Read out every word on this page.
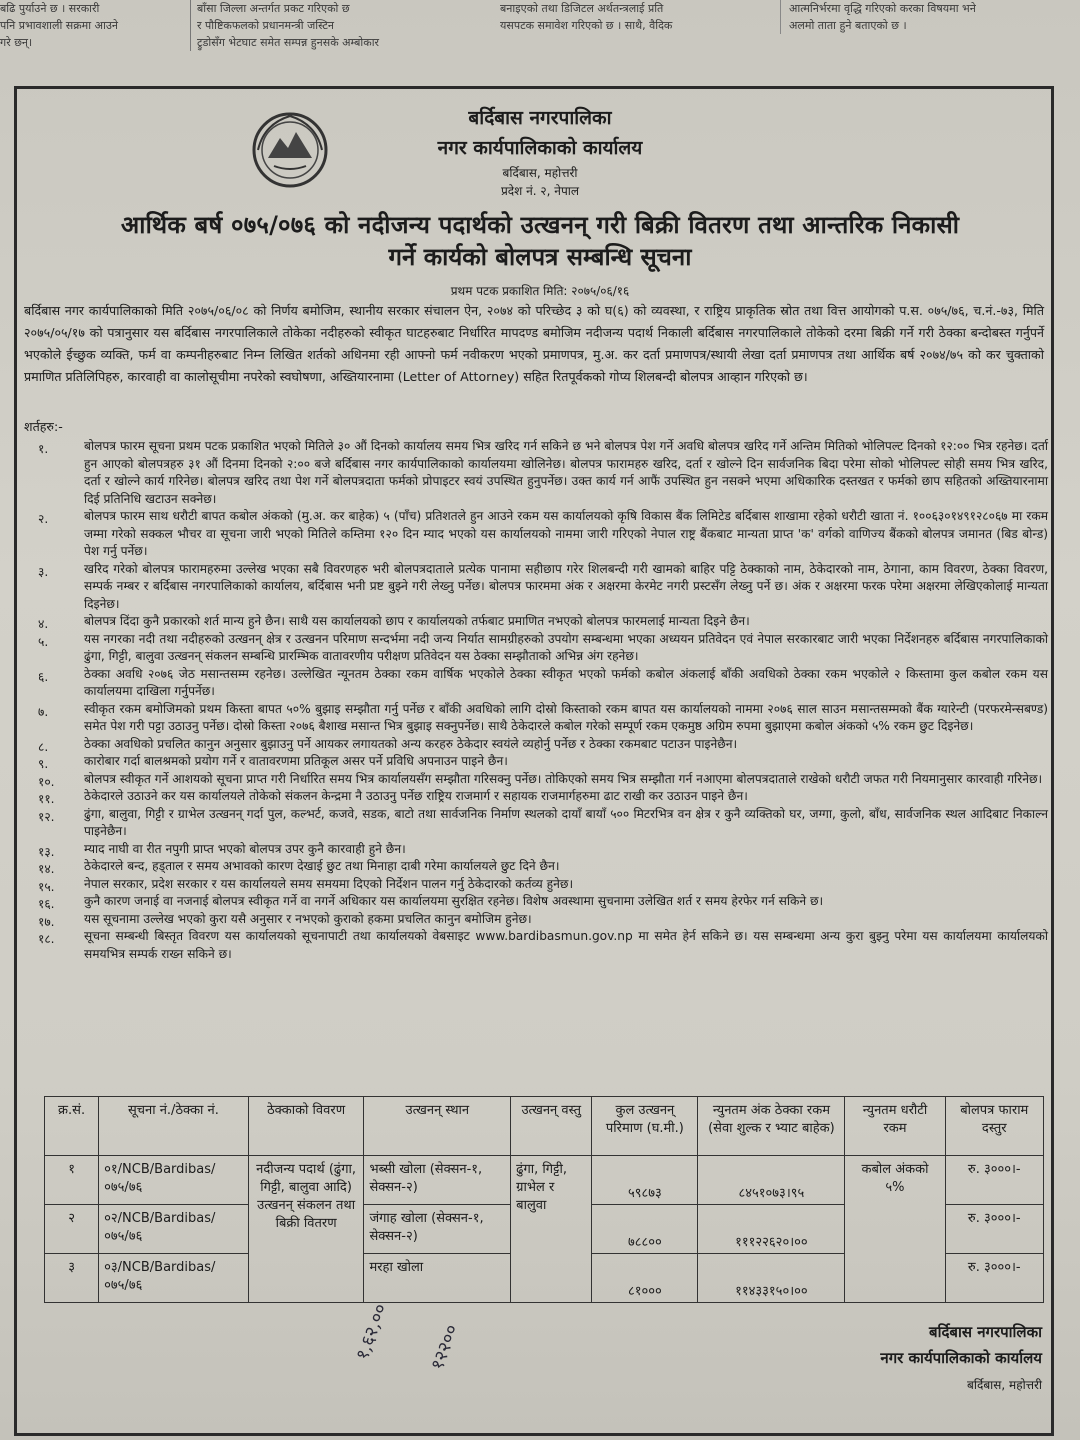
बढि पुर्याउने छ । सरकारी
पनि प्रभावशाली सक्रमा आउने
गरे छन्।
बाँसा जिल्ला अन्तर्गत प्रकट गरिएको छ
र पौष्टिकफलको प्रधानमन्त्री जस्टिन
ट्रुडोसँग भेटघाट समेत सम्पन्न हुनसके अम्बोकार
बनाइएको तथा डिजिटल अर्थतन्त्रलाई प्रति
यसपटक समावेश गरिएको छ । साथै, वैदिक
आत्मनिर्भरमा वृद्धि गरिएको करका विषयमा भने
अलमो ताता हुने बताएको छ ।
बर्दिबास नगरपालिका
नगर कार्यपालिकाको कार्यालय
बर्दिबास, महोत्तरी
प्रदेश नं. २, नेपाल
आर्थिक बर्ष ०७५/०७६ को नदीजन्य पदार्थको उत्खनन् गरी बिक्री वितरण तथा आन्तरिक निकासी
गर्ने कार्यको बोलपत्र सम्बन्धि सूचना
प्रथम पटक प्रकाशित मिति: २०७५/०६/१६
बर्दिबास नगर कार्यपालिकाको मिति २०७५/०६/०८ को निर्णय बमोजिम, स्थानीय सरकार संचालन ऐन, २०७४ को परिच्छेद ३ को घ(६) को व्यवस्था, र राष्ट्रिय प्राकृतिक स्रोत तथा वित्त आयोगको प.स. ०७५/७६, च.नं.-७३, मिति २०७५/०५/१७ को पत्रानुसार यस बर्दिबास नगरपालिकाले तोकेका नदीहरुको स्वीकृत घाटहरुबाट निर्धारित मापदण्ड बमोजिम नदीजन्य पदार्थ निकाली बर्दिबास नगरपालिकाले तोकेको दरमा बिक्री गर्ने गरी ठेक्का बन्दोबस्त गर्नुपर्ने भएकोले ईच्छुक व्यक्ति, फर्म वा कम्पनीहरुबाट निम्न लिखित शर्तको अधिनमा रही आफ्नो फर्म नवीकरण भएको प्रमाणपत्र, मु.अ. कर दर्ता प्रमाणपत्र/स्थायी लेखा दर्ता प्रमाणपत्र तथा आर्थिक बर्ष २०७४/७५ को कर चुक्ताको प्रमाणित प्रतिलिपिहरु, कारवाही वा कालोसूचीमा नपरेको स्वघोषणा, अख्तियारनामा (Letter of Attorney) सहित रितपूर्वकको गोप्य शिलबन्दी बोलपत्र आव्हान गरिएको छ।
शर्तहरु:-
१.	बोलपत्र फारम सूचना प्रथम पटक प्रकाशित भएको मितिले ३० औं दिनको कार्यालय समय भित्र खरिद गर्न सकिने छ भने बोलपत्र पेश गर्ने अवधि बोलपत्र खरिद गर्ने अन्तिम मितिको भोलिपल्ट दिनको १२:०० भित्र रहनेछ। दर्ता हुन आएको बोलपत्रहरु ३१ औं दिनमा दिनको २:०० बजे बर्दिबास नगर कार्यपालिकाको कार्यालयमा खोलिनेछ। बोलपत्र फारामहरु खरिद, दर्ता र खोल्ने दिन सार्वजनिक बिदा परेमा सोको भोलिपल्ट सोही समय भित्र खरिद, दर्ता र खोल्ने कार्य गरिनेछ। बोलपत्र खरिद तथा पेश गर्ने बोलपत्रदाता फर्मको प्रोपाइटर स्वयं उपस्थित हुनुपर्नेछ। उक्त कार्य गर्न आफैं उपस्थित हुन नसक्ने भएमा अधिकारिक दस्तखत र फर्मको छाप सहितको अख्तियारनामा दिई प्रतिनिधि खटाउन सक्नेछ।
२.	बोलपत्र फारम साथ धरौटी बापत कबोल अंकको (मु.अ. कर बाहेक) ५ (पाँच) प्रतिशतले हुन आउने रकम यस कार्यालयको कृषि विकास बैंक लिमिटेड बर्दिबास शाखामा रहेको धरौटी खाता नं. १००६३०१४९१२८०६७ मा रकम जम्मा गरेको सक्कल भौचर वा सूचना जारी भएको मितिले कम्तिमा १२० दिन म्याद भएको यस कार्यालयको नाममा जारी गरिएको नेपाल राष्ट्र बैंकबाट मान्यता प्राप्त 'क' वर्गको वाणिज्य बैंकको बोलपत्र जमानत (बिड बोन्ड) पेश गर्नु पर्नेछ।
३.	खरिद गरेको बोलपत्र फारामहरुमा उल्लेख भएका सबै विवरणहरु भरी बोलपत्रदाताले प्रत्येक पानामा सहीछाप गरेर शिलबन्दी गरी खामको बाहिर पट्टि ठेक्काको नाम, ठेकेदारको नाम, ठेगाना, काम विवरण, ठेक्का विवरण, सम्पर्क नम्बर र बर्दिबास नगरपालिकाको कार्यालय, बर्दिबास भनी प्रष्ट बुझ्ने गरी लेख्नु पर्नेछ। बोलपत्र फारममा अंक र अक्षरमा केरमेट नगरी प्रस्टसँग लेख्नु पर्ने छ। अंक र अक्षरमा फरक परेमा अक्षरमा लेखिएकोलाई मान्यता दिइनेछ।
४.	बोलपत्र दिंदा कुनै प्रकारको शर्त मान्य हुने छैन। साथै यस कार्यालयको छाप र कार्यालयको तर्फबाट प्रमाणित नभएको बोलपत्र फारमलाई मान्यता दिइने छैन।
५.	यस नगरका नदी तथा नदीहरुको उत्खनन् क्षेत्र र उत्खनन परिमाण सन्दर्भमा नदी जन्य निर्यात सामग्रीहरुको उपयोग सम्बन्धमा भएका अध्ययन प्रतिवेदन एवं नेपाल सरकारबाट जारी भएका निर्देशनहरु बर्दिबास नगरपालिकाको ढुंगा, गिट्टी, बालुवा उत्खनन् संकलन सम्बन्धि प्रारम्भिक वातावरणीय परीक्षण प्रतिवेदन यस ठेक्का सम्झौताको अभिन्न अंग रहनेछ।
६.	ठेक्का अवधि २०७६ जेठ मसान्तसम्म रहनेछ। उल्लेखित न्यूनतम ठेक्का रकम वार्षिक भएकोले ठेक्का स्वीकृत भएको फर्मको कबोल अंकलाई बाँकी अवधिको ठेक्का रकम भएकोले २ किस्तामा कुल कबोल रकम यस कार्यालयमा दाखिला गर्नुपर्नेछ।
७.	स्वीकृत रकम बमोजिमको प्रथम किस्ता बापत ५०% बुझाइ सम्झौता गर्नु पर्नेछ र बाँकी अवधिको लागि दोस्रो किस्ताको रकम बापत यस कार्यालयको नाममा २०७६ साल साउन मसान्तसम्मको बैंक ग्यारेन्टी (परफरमेन्सबण्ड) समेत पेश गरी पट्टा उठाउनु पर्नेछ। दोस्रो किस्ता २०७६ बैशाख मसान्त भित्र बुझाइ सक्नुपर्नेछ। साथै ठेकेदारले कबोल गरेको सम्पूर्ण रकम एकमुष्ठ अग्रिम रुपमा बुझाएमा कबोल अंकको ५% रकम छुट दिइनेछ।
८.	ठेक्का अवधिको प्रचलित कानुन अनुसार बुझाउनु पर्ने आयकर लगायतको अन्य करहरु ठेकेदार स्वयंले व्यहोर्नु पर्नेछ र ठेक्का रकमबाट पटाउन पाइनेछैन।
९.	कारोबार गर्दा बालश्रमको प्रयोग गर्ने र वातावरणमा प्रतिकूल असर पर्ने प्रविधि अपनाउन पाइने छैन।
१०. बोलपत्र स्वीकृत गर्ने आशयको सूचना प्राप्त गरी निर्धारित समय भित्र कार्यालयसँग सम्झौता गरिसक्नु पर्नेछ। तोकिएको समय भित्र सम्झौता गर्न नआएमा बोलपत्रदाताले राखेको धरौटी जफत गरी नियमानुसार कारवाही गरिनेछ।
११. ठेकेदारले उठाउने कर यस कार्यालयले तोकेको संकलन केन्द्रमा नै उठाउनु पर्नेछ राष्ट्रिय राजमार्ग र सहायक राजमार्गहरुमा ढाट राखी कर उठाउन पाइने छैन।
१२. ढुंगा, बालुवा, गिट्टी र ग्राभेल उत्खनन् गर्दा पुल, कल्भर्ट, कजवे, सडक, बाटो तथा सार्वजनिक निर्माण स्थलको दायाँ बायाँ ५०० मिटरभित्र वन क्षेत्र र कुनै व्यक्तिको घर, जग्गा, कुलो, बाँध, सार्वजनिक स्थल आदिबाट निकाल्न पाइनेछैन।
१३. म्याद नाघी वा रीत नपुगी प्राप्त भएको बोलपत्र उपर कुनै कारवाही हुने छैन।
१४. ठेकेदारले बन्द, हड्ताल र समय अभावको कारण देखाई छुट तथा मिनाहा दाबी गरेमा कार्यालयले छुट दिने छैन।
१५. नेपाल सरकार, प्रदेश सरकार र यस कार्यालयले समय समयमा दिएको निर्देशन पालन गर्नु ठेकेदारको कर्तव्य हुनेछ।
१६. कुनै कारण जनाई वा नजनाई बोलपत्र स्वीकृत गर्ने वा नगर्ने अधिकार यस कार्यालयमा सुरक्षित रहनेछ। विशेष अवस्थामा सुचनामा उलेखित शर्त र समय हेरफेर गर्न सकिने छ।
१७. यस सूचनामा उल्लेख भएको कुरा यसै अनुसार र नभएको कुराको हकमा प्रचलित कानुन बमोजिम हुनेछ।
१८. सूचना सम्बन्धी बिस्तृत विवरण यस कार्यालयको सूचनापाटी तथा कार्यालयको वेबसाइट www.bardibasmun.gov.np मा समेत हेर्न सकिने छ। यस सम्बन्धमा अन्य कुरा बुझ्नु परेमा यस कार्यालयमा कार्यालयको समयभित्र सम्पर्क राख्न सकिने छ।
क्र.सं.	सूचना नं./ठेक्का नं.	ठेक्काको विवरण	उत्खनन् स्थान	उत्खनन् वस्तु	कुल उत्खनन् परिमाण (घ.मी.)	न्युनतम अंक ठेक्का रकम (सेवा शुल्क र भ्याट बाहेक)	न्युनतम धरौटी रकम	बोलपत्र फाराम दस्तुर
१	०१/NCB/Bardibas/०७५/७६	नदीजन्य पदार्थ (ढुंगा, गिट्टी, बालुवा आदि) उत्खनन् संकलन तथा बिक्री वितरण	भब्सी खोला (सेक्सन-१, सेक्सन-२)	ढुंगा, गिट्टी, ग्राभेल र बालुवा	५९८७३	८४५१०७३।९५	कबोल अंकको ५%	रु. ३०००।-
२	०२/NCB/Bardibas/०७५/७६		जंगाह खोला (सेक्सन-१, सेक्सन-२)		७८८००	१११२२६२०।००		रु. ३०००।-
३	०३/NCB/Bardibas/०७५/७६		मरहा खोला		८१०००	११४३३१५०।००		रु. ३०००।-
१,६२,०० १२२००	बर्दिबास नगरपालिका
नगर कार्यपालिकाको कार्यालय
बर्दिबास, महोत्तरी
